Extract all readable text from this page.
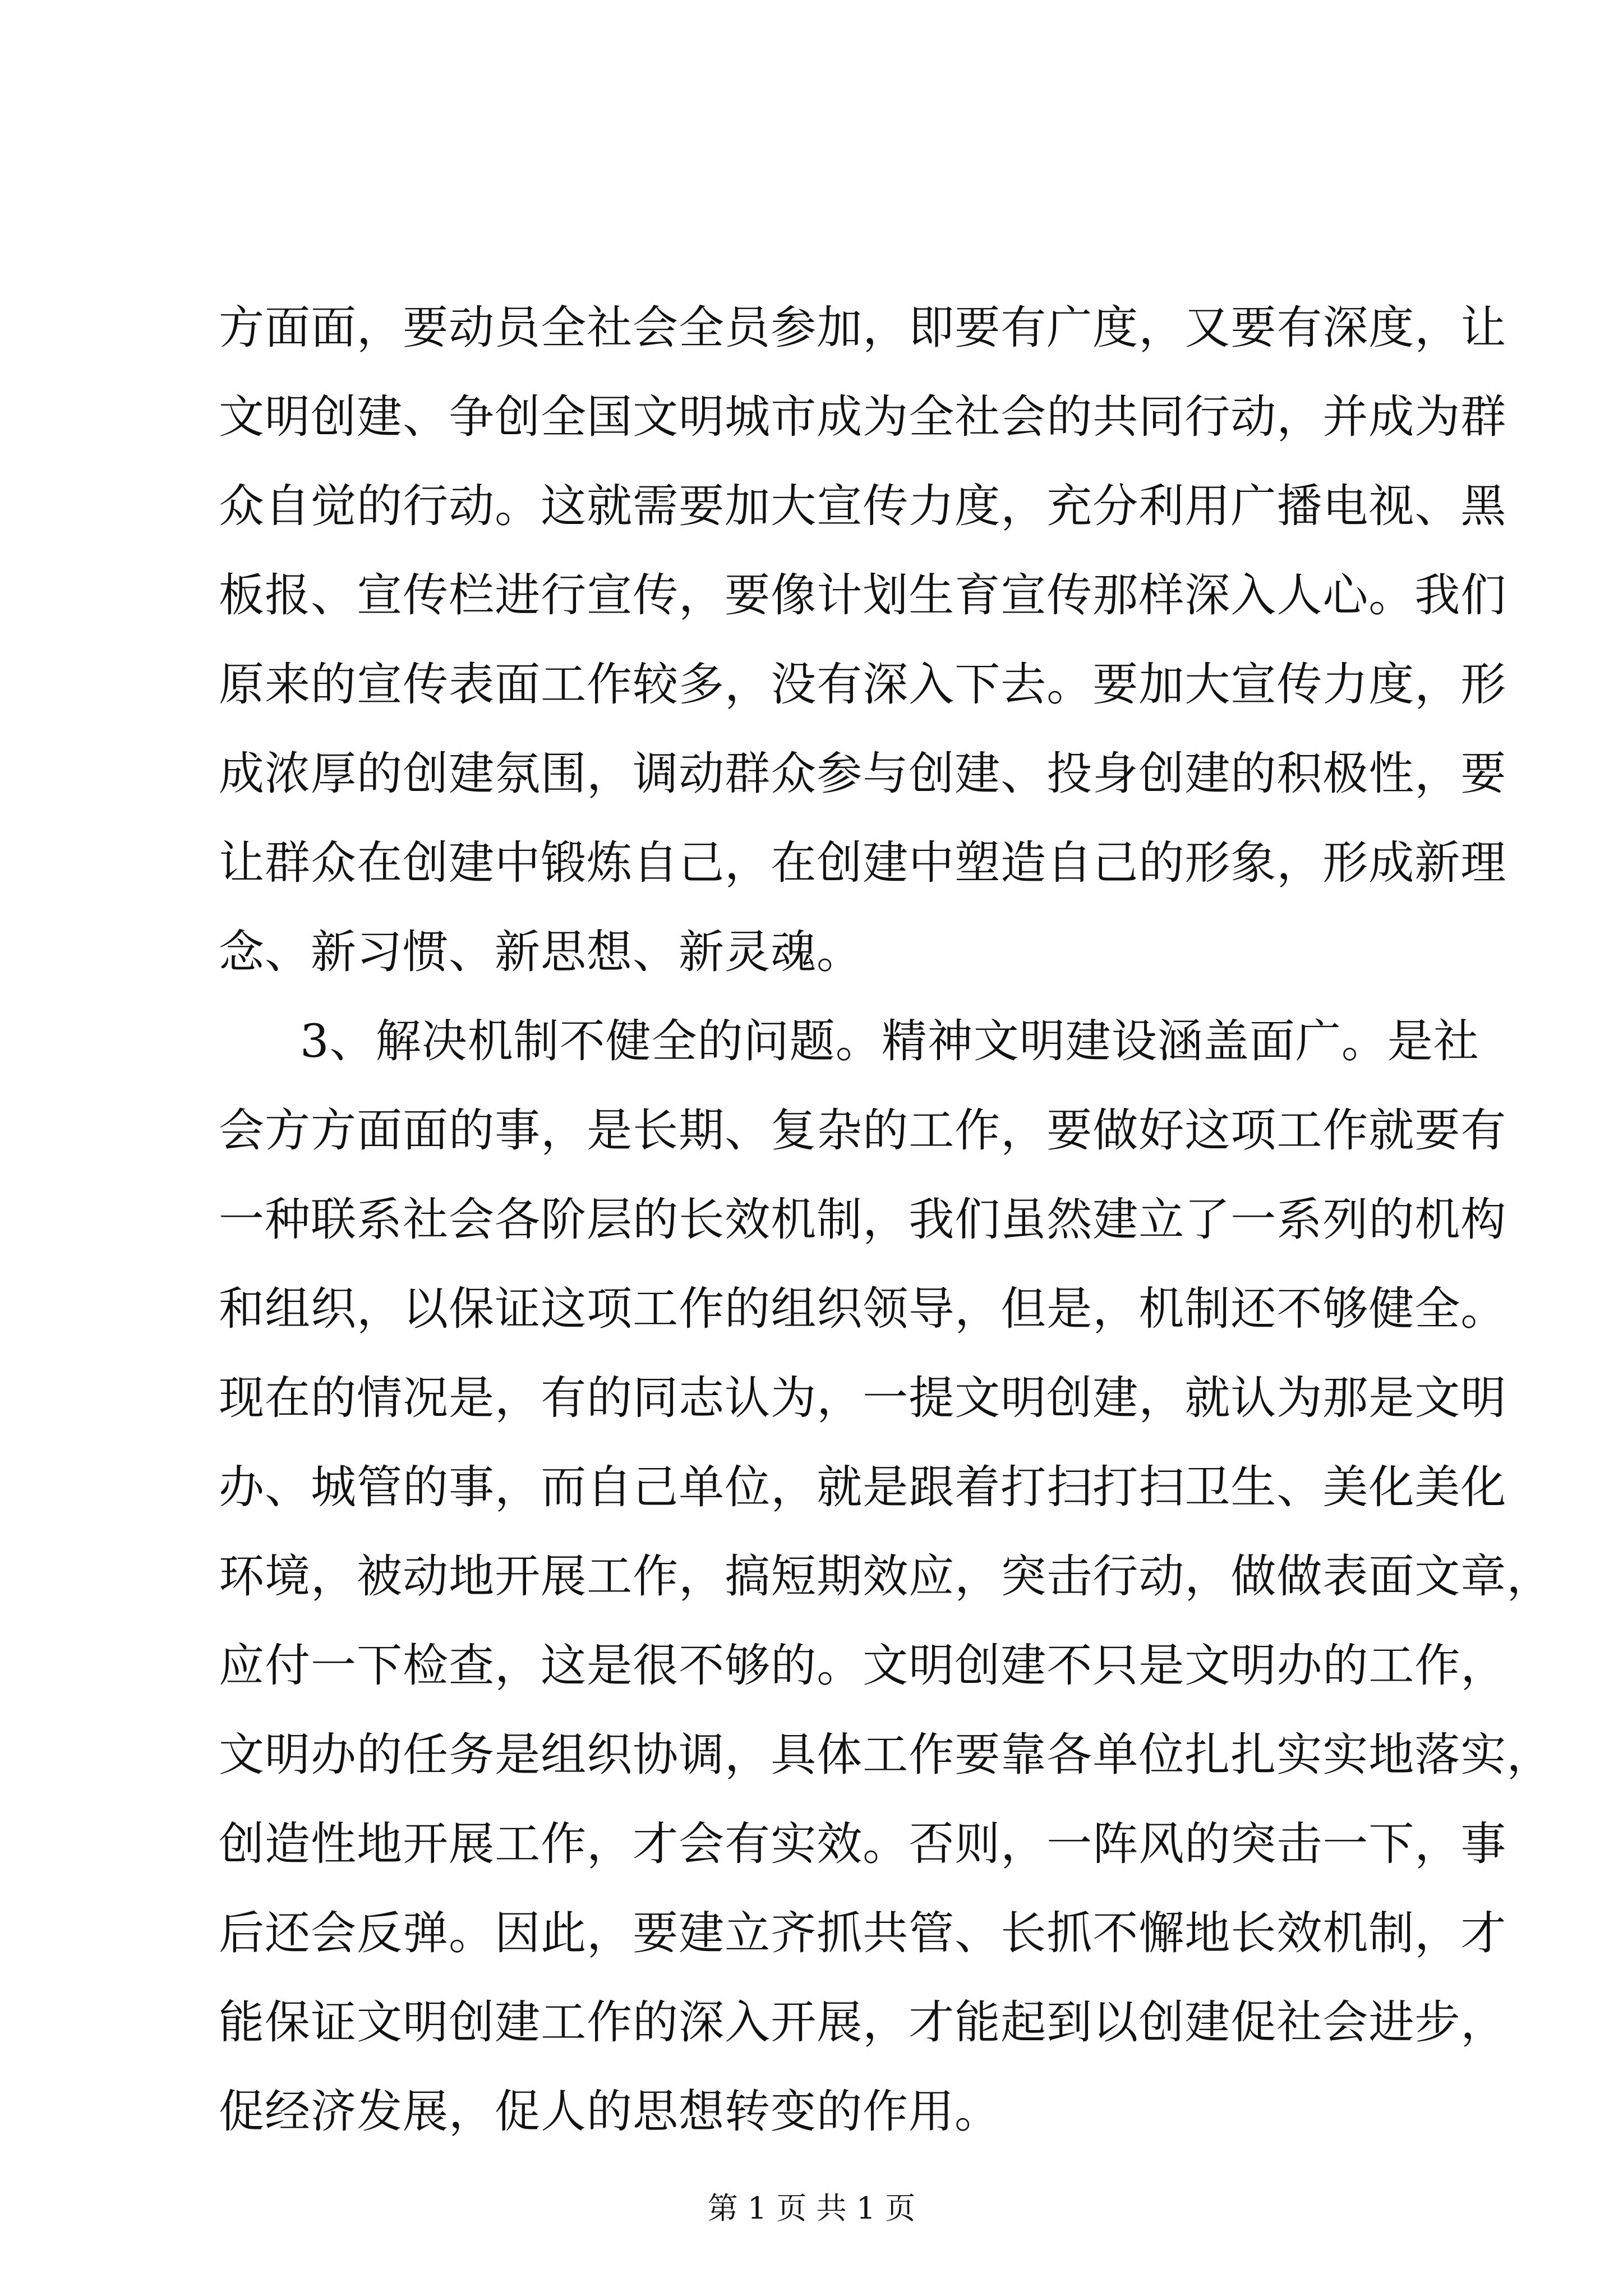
方 面 面 ， 要 动 员 全 社 会 全 员 参 加 ， 即 要 有 广 度 ， 又 要 有 深 度 ， 让
文 明 创 建 、 争 创 全 国 文 明 城 市 成 为 全 社 会 的 共 同 行 动 ， 并 成 为 群
众 自 觉 的 行 动 。 这 就 需 要 加 大 宣 传 力 度 ， 充 分 利 用 广 播 电 视 、 黑
板 报 、 宣 传 栏 进 行 宣 传 ， 要 像 计 划 生 育 宣 传 那 样 深 入 人 心 。 我 们
原 来 的 宣 传 表 面 工 作 较 多 ， 没 有 深 入 下 去 。 要 加 大 宣 传 力 度 ， 形
成 浓 厚 的 创 建 氛 围 ， 调 动 群 众 参 与 创 建 、 投 身 创 建 的 积 极 性 ， 要
让 群 众 在 创 建 中 锻 炼 自 己 ， 在 创 建 中 塑 造 自 己 的 形 象 ， 形 成 新 理
念、新习惯、新思想、新灵魂。
3 、 解 决 机 制 不 健 全 的 问 题 。 精 神 文 明 建 设 涵 盖 面 广 。 是 社
会 方 方 面 面 的 事 ， 是 长 期 、 复 杂 的 工 作 ， 要 做 好 这 项 工 作 就 要 有
一 种 联 系 社 会 各 阶 层 的 长 效 机 制 ， 我 们 虽 然 建 立 了 一 系 列 的 机 构
和 组 织 ， 以 保 证 这 项 工 作 的 组 织 领 导 ， 但 是 ， 机 制 还 不 够 健 全 。
现 在 的 情 况 是 ， 有 的 同 志 认 为 ， 一 提 文 明 创 建 ， 就 认 为 那 是 文 明
办 、 城 管 的 事 ， 而 自 己 单 位 ， 就 是 跟 着 打 扫 打 扫 卫 生 、 美 化 美 化
环 境 ， 被 动 地 开 展 工 作 ， 搞 短 期 效 应 ， 突 击 行 动 ， 做 做 表 面 文 章 ，
应 付 一 下 检 查 ， 这 是 很 不 够 的 。 文 明 创 建 不 只 是 文 明 办 的 工 作 ，
文 明 办 的 任 务 是 组 织 协 调 ， 具 体 工 作 要 靠 各 单 位 扎 扎 实 实 地 落 实 ，
创 造 性 地 开 展 工 作 ， 才 会 有 实 效 。 否 则 ， 一 阵 风 的 突 击 一 下 ， 事
后 还 会 反 弹 。 因 此 ， 要 建 立 齐 抓 共 管 、 长 抓 不 懈 地 长 效 机 制 ， 才
能 保 证 文 明 创 建 工 作 的 深 入 开 展 ， 才 能 起 到 以 创 建 促 社 会 进 步 ，
促经济发展，促人的思想转变的作用。
第 1 页 共 1 页
